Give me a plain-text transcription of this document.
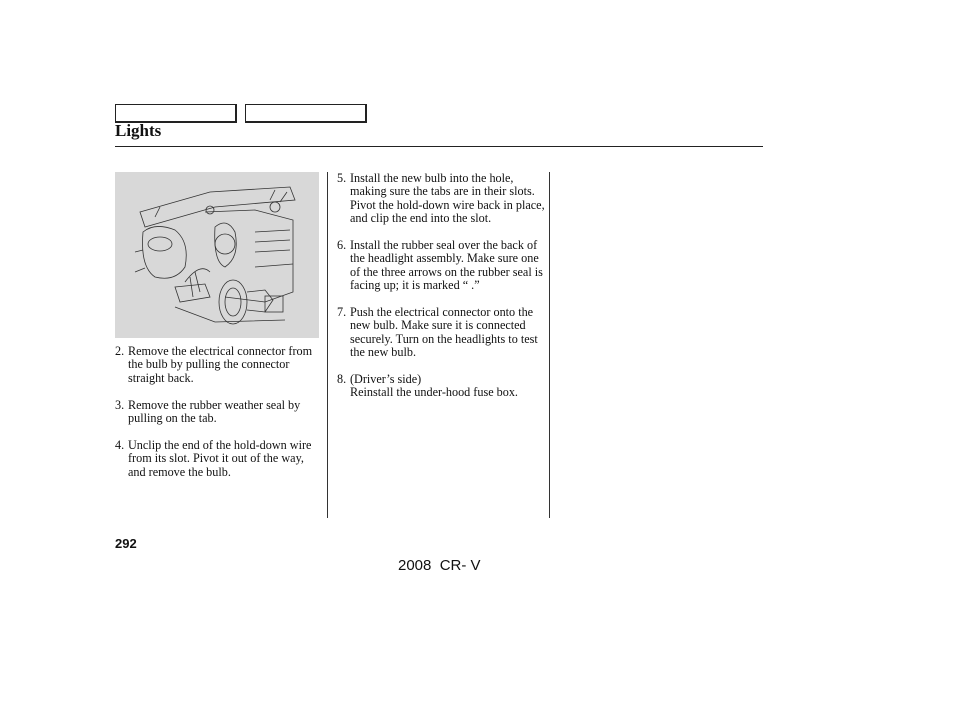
Lights
2. Remove the electrical connector from the bulb by pulling the connector straight back.
3. Remove the rubber weather seal by pulling on the tab.
4. Unclip the end of the hold-down wire from its slot. Pivot it out of the way, and remove the bulb.
5. Install the new bulb into the hole, making sure the tabs are in their slots. Pivot the hold-down wire back in place, and clip the end into the slot.
6. Install the rubber seal over the back of the headlight assembly. Make sure one of the three arrows on the rubber seal is facing up; it is marked “ .”
7. Push the electrical connector onto the new bulb. Make sure it is connected securely. Turn on the headlights to test the new bulb.
8. (Driver’s side)
Reinstall the under-hood fuse box.
292
2008  CR- V
